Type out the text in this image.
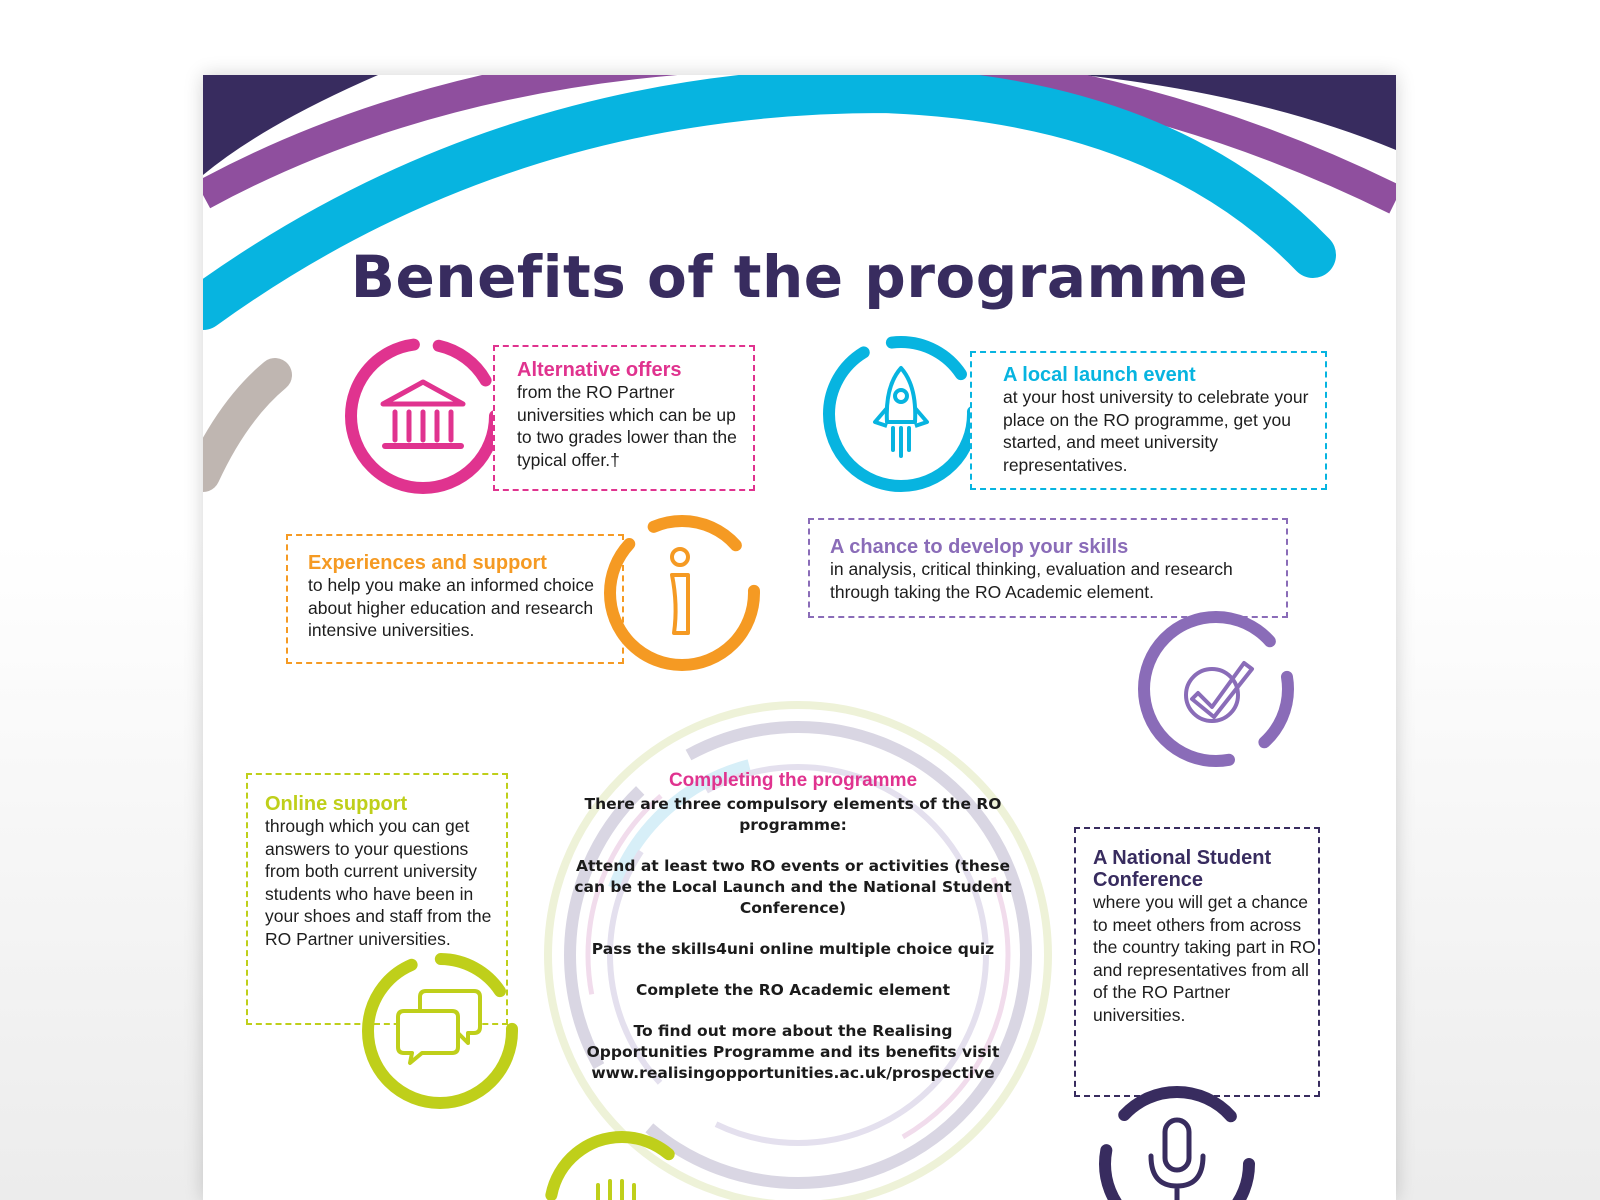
Benefits of the programme
Alternative offers

from the RO Partner universities which can be up to two grades lower than the typical offer.†

A local launch event

at your host university to celebrate your place on the RO programme, get you started, and meet university representatives.

Experiences and support

to help you make an informed choice about higher education and research intensive universities.

A chance to develop your skills

in analysis, critical thinking, evaluation and research through taking the RO Academic element.

Online support

through which you can get answers to your questions from both current university students who have been in your shoes and staff from the RO Partner universities.

Completing the programme

There are three compulsory elements of the RO programme:

Attend at least two RO events or activities (these can be the Local Launch and the National Student Conference)

Pass the skills4uni online multiple choice quiz

Complete the RO Academic element

To find out more about the Realising Opportunities Programme and its benefits visit

www.realisingopportunities.ac.uk/prospective

A National Student Conference

where you will get a chance to meet others from across the country taking part in RO and representatives from all of the RO Partner universities.
